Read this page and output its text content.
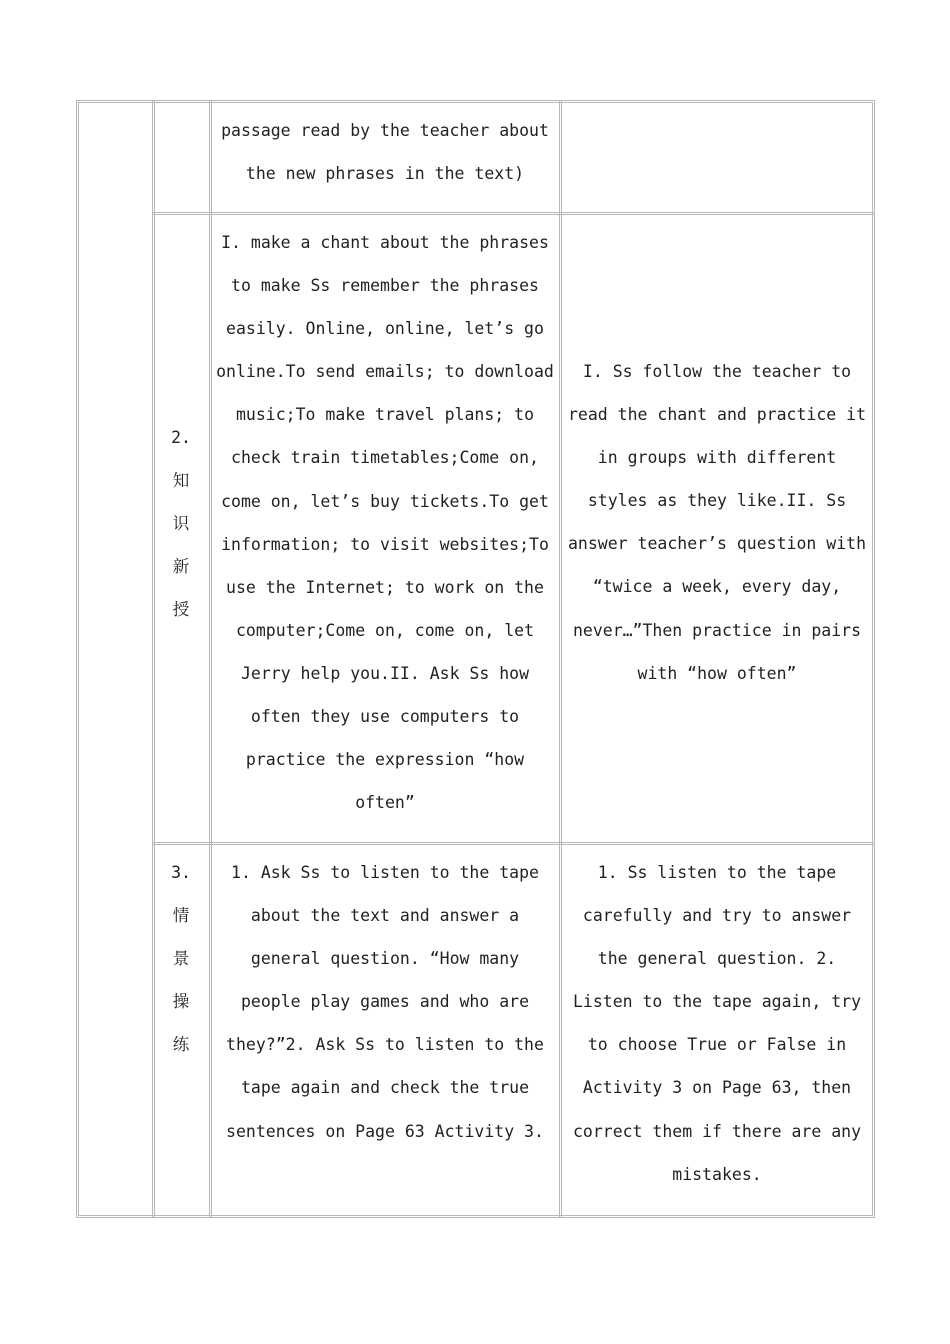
passage read by the teacher about the new phrases in the text)
2.
知
识
新
授
I. make a chant about the phrases to make Ss remember the phrases easily. Online, online, let’s go online.To send emails; to download music;To make travel plans; to check train timetables;Come on, come on, let’s buy tickets.To get information; to visit websites;To use the Internet; to work on the computer;Come on, come on, let Jerry help you.II. Ask Ss how often they use computers to practice the expression “how often”
I. Ss follow the teacher to read the chant and practice it in groups with different styles as they like.II. Ss answer teacher’s question with “twice a week, every day, never…”Then practice in pairs with “how often”
3.
情
景
操
练
1. Ask Ss to listen to the tape about the text and answer a general question. “How many people play games and who are they?”2. Ask Ss to listen to the tape again and check the true sentences on Page 63 Activity 3.
1. Ss listen to the tape carefully and try to answer the general question. 2. Listen to the tape again, try to choose True or False in Activity 3 on Page 63, then correct them if there are any mistakes.
